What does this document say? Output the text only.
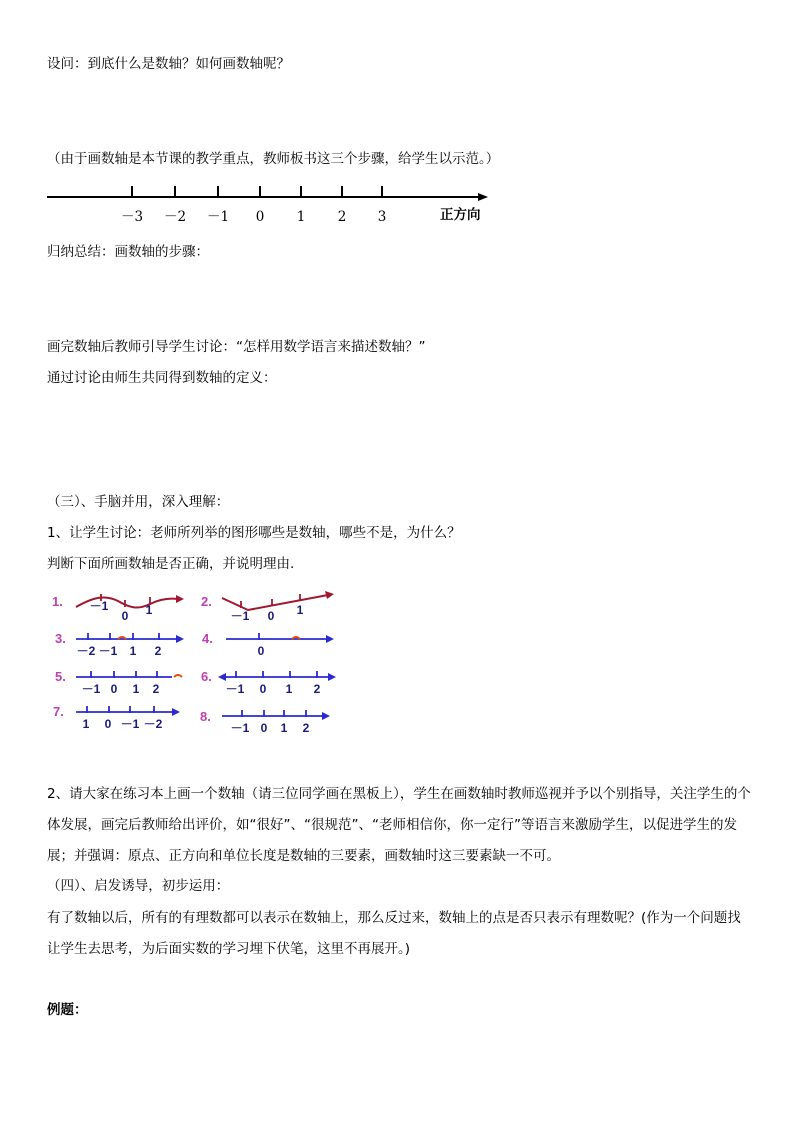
设问：到底什么是数轴？如何画数轴呢？
（由于画数轴是本节课的教学重点，教师板书这三个步骤，给学生以示范。）
归纳总结：画数轴的步骤：
画完数轴后教师引导学生讨论：“怎样用数学语言来描述数轴？”
通过讨论由师生共同得到数轴的定义：
（三）、手脑并用，深入理解：
1、让学生讨论：老师所列举的图形哪些是数轴，哪些不是，为什么？
判断下面所画数轴是否正确，并说明理由.
2、请大家在练习本上画一个数轴（请三位同学画在黑板上），学生在画数轴时教师巡视并予以个别指导，关注学生的个体发展，画完后教师给出评价，如“很好”、“很规范”、“老师相信你，你一定行”等语言来激励学生，以促进学生的发展；并强调：原点、正方向和单位长度是数轴的三要素，画数轴时这三要素缺一不可。
（四）、启发诱导，初步运用：
有了数轴以后，所有的有理数都可以表示在数轴上，那么反过来，数轴上的点是否只表示有理数呢？(作为一个问题找让学生去思考，为后面实数的学习埋下伏笔，这里不再展开。)
例题：
正方向
－3 －2 －1 0 1 2 3
1. －1
0 1
2.
－1 0 1
3.
－2 －1 1 2
4.
0
5.
－1 0 1 2
6.
－1 0 1 2
7.
1 0 －1 －2	8.
－1 0 1 2
